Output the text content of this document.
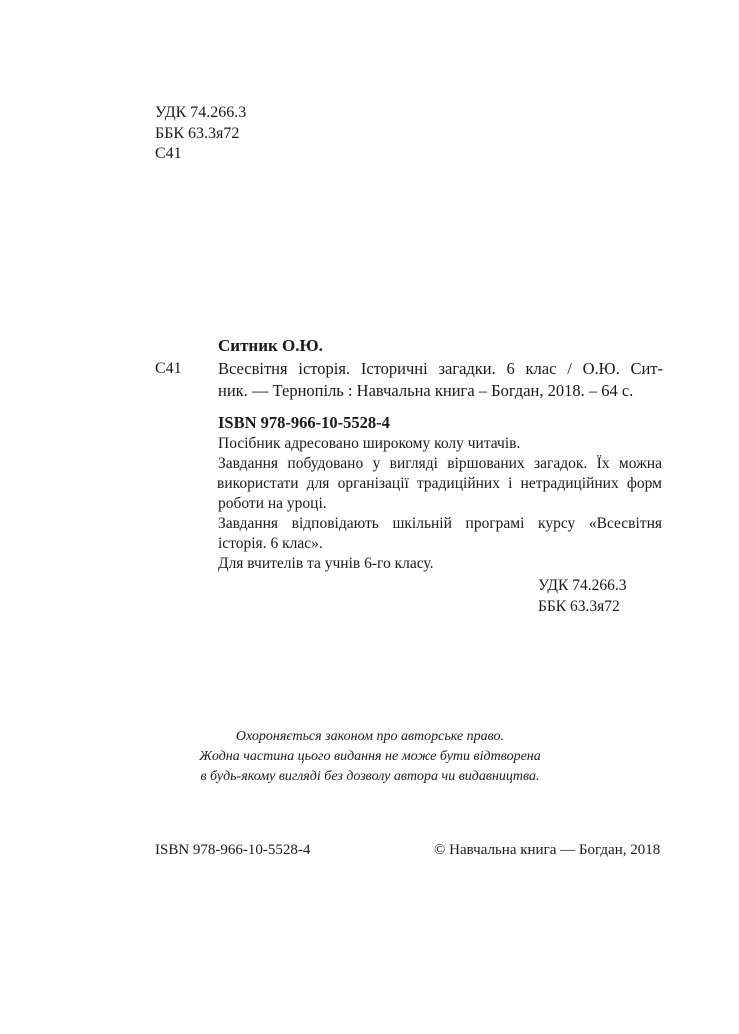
УДК 74.266.3
ББК 63.3я72
С41
Ситник О.Ю.
С41 Всесвітня історія. Історичні загадки. 6 клас / О.Ю. Сит-
ник. — Тернопіль : Навчальна книга – Богдан, 2018. – 64 с.
ISBN 978-966-10-5528-4

Посібник адресовано широкому колу читачів.

Завдання побудовано у вигляді віршованих загадок. Їх можна

використати для організації традиційних і нетрадиційних форм

роботи на уроці.

Завдання відповідають шкільній програмі курсу «Всесвітня

історія. 6 клас».

Для вчителів та учнів 6-го класу.

УДК 74.266.3
ББК 63.3я72
Охороняється законом про авторське право.
Жодна частина цього видання не може бути відтворена
в будь-якому вигляді без дозволу автора чи видавництва.
ISBN 978-966-10-5528-4	© Навчальна книга — Богдан, 2018
